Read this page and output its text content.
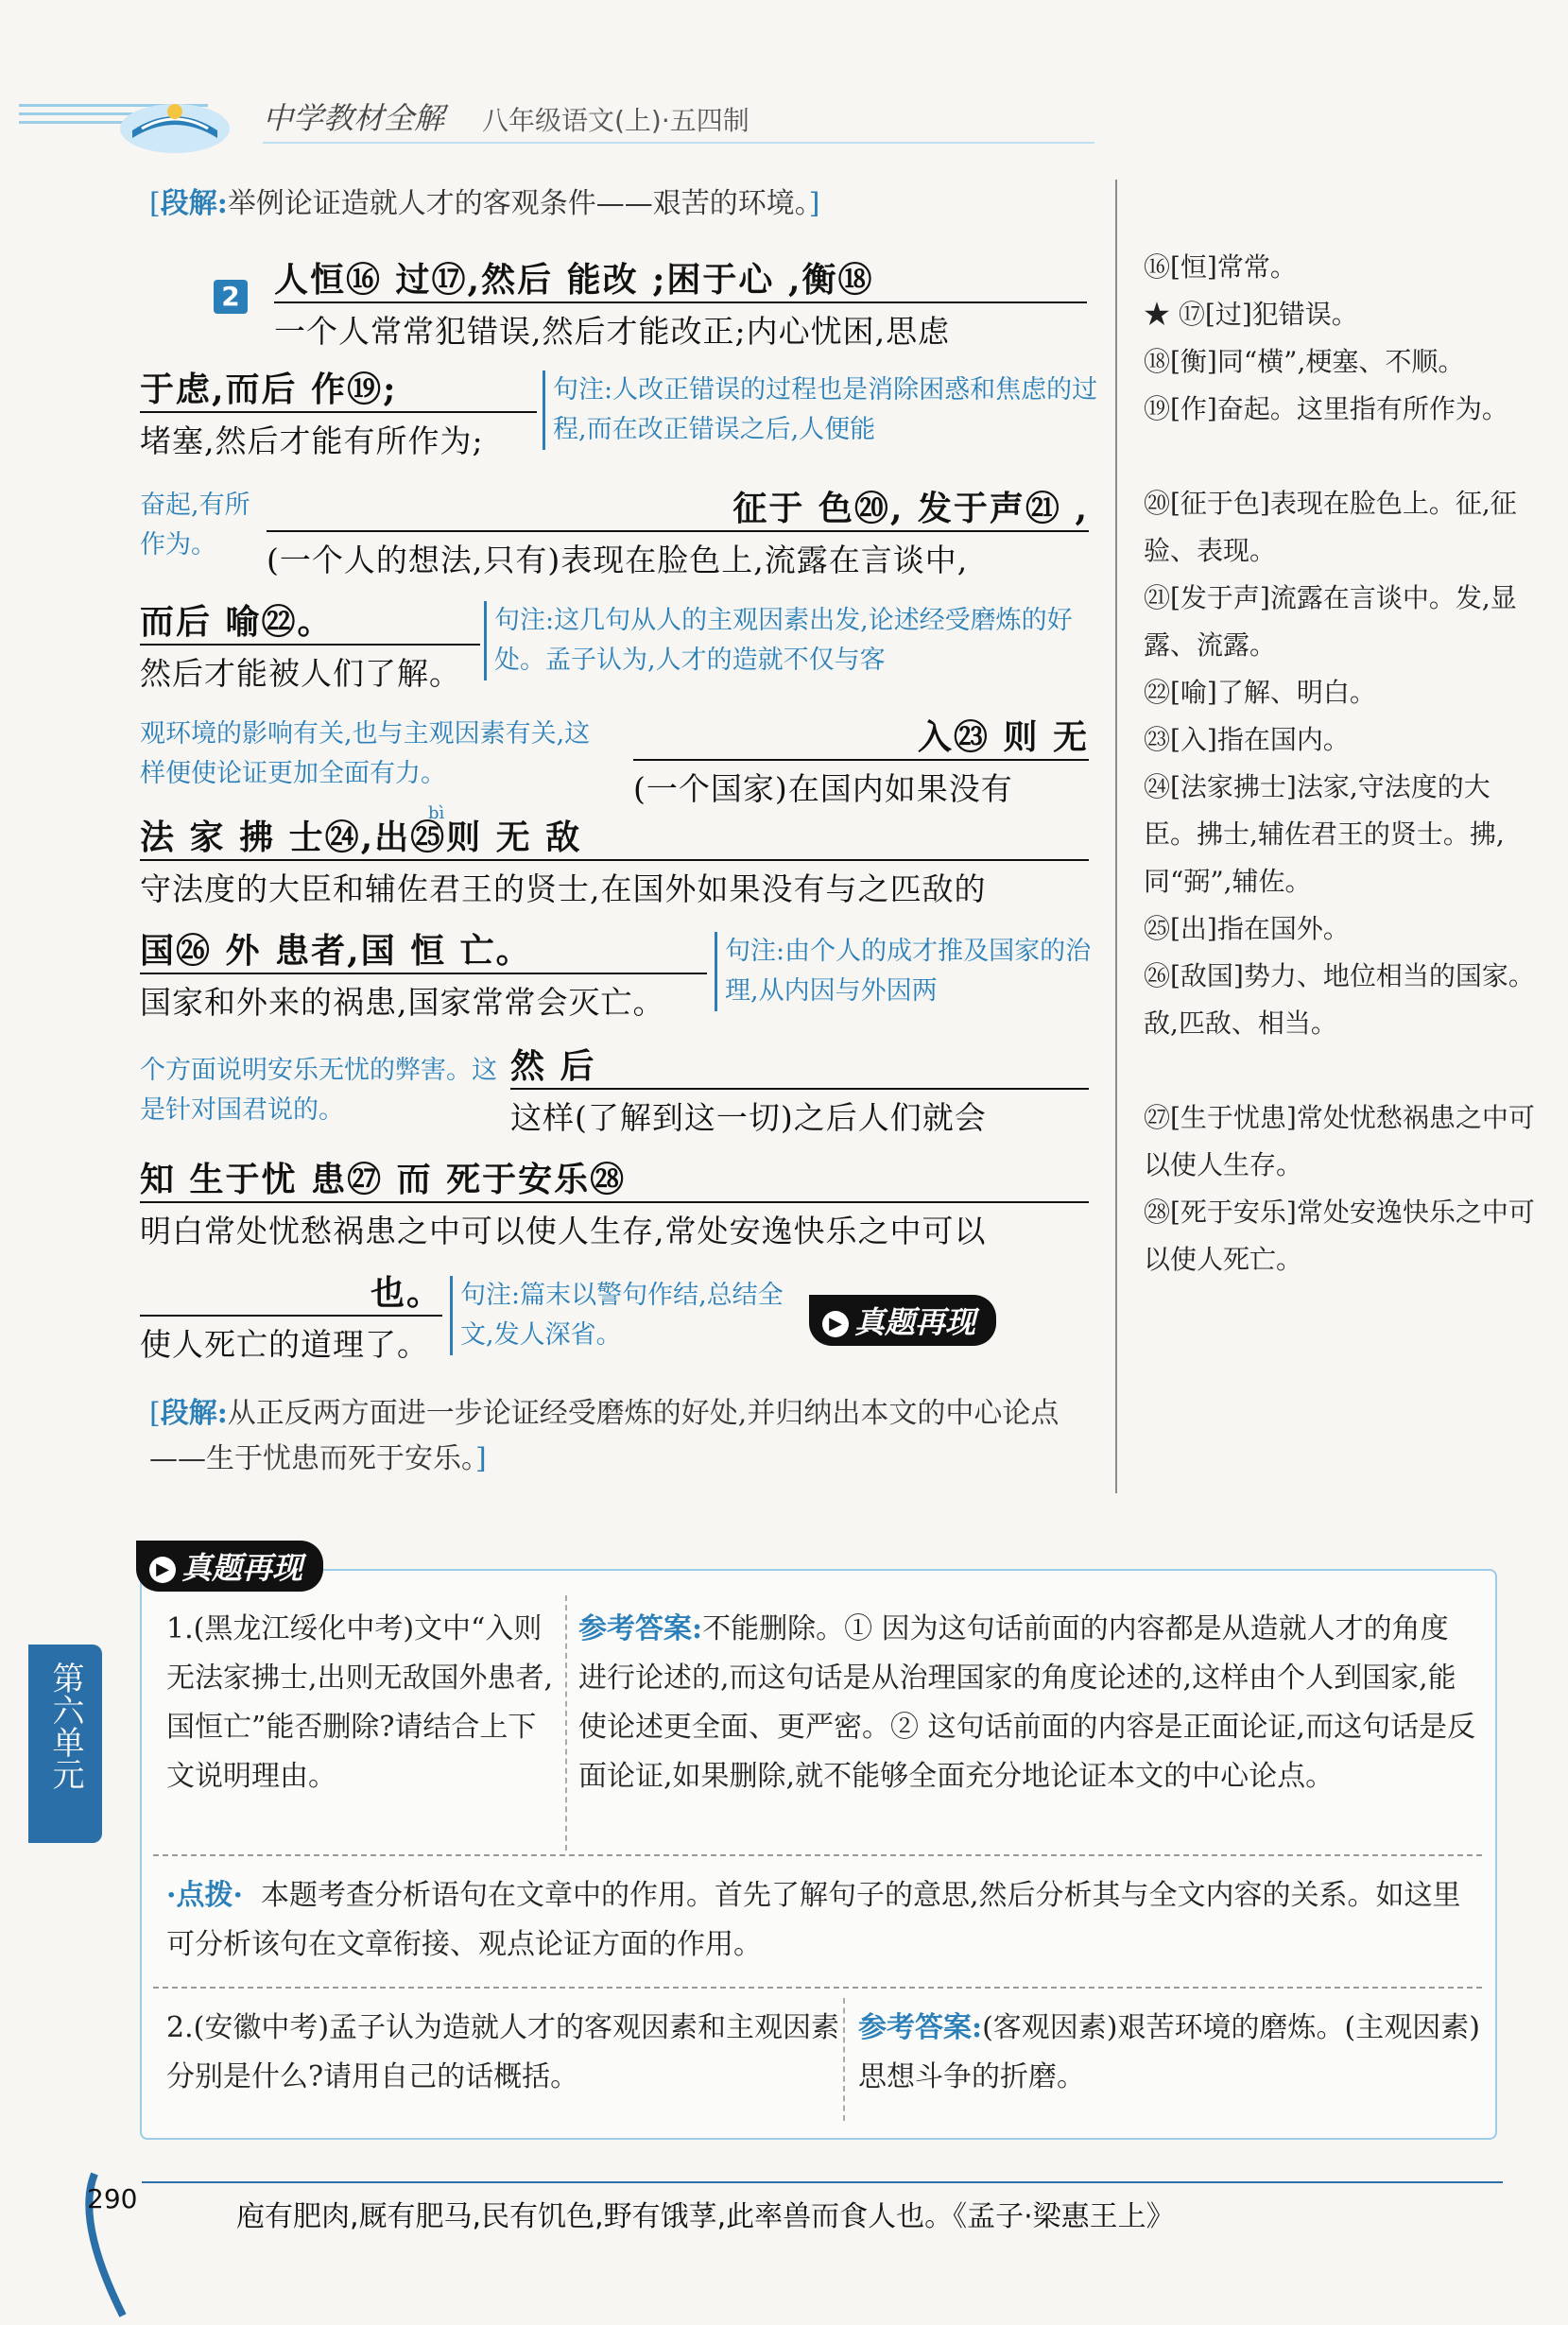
中学教材全解 八年级语文(上)·五四制
[段解:举例论证造就人才的客观条件——艰苦的环境。]
2 人恒⑯ 过⑰,然后 能改 ;困于心 ,衡⑱
一个人常常犯错误,然后才能改正;内心忧困,思虑
于虑,而后 作⑲;
堵塞,然后才能有所作为;
句注:人改正错误的过程也是消除困惑和焦虑的过程,而在改正错误之后,人便能
奋起,有所作为。
征于 色⑳, 发于声㉑ ,
(一个人的想法,只有)表现在脸色上,流露在言谈中,
而后 喻㉒。
然后才能被人们了解。
句注:这几句从人的主观因素出发,论述经受磨炼的好处。孟子认为,人才的造就不仅与客
观环境的影响有关,也与主观因素有关,这样便使论证更加全面有力。
入㉓ 则 无
(一个国家)在国内如果没有
bì
法 家 拂 士㉔,出㉕则 无 敌
守法度的大臣和辅佐君王的贤士,在国外如果没有与之匹敌的
国㉖ 外 患者,国 恒 亡。
国家和外来的祸患,国家常常会灭亡。
句注:由个人的成才推及国家的治理,从内因与外因两
个方面说明安乐无忧的弊害。这是针对国君说的。
然 后
这样(了解到这一切)之后人们就会
知 生于忧 患㉗ 而 死于安乐㉘
明白常处忧愁祸患之中可以使人生存,常处安逸快乐之中可以
也。
使人死亡的道理了。
句注:篇末以警句作结,总结全文,发人深省。	▶ 真题再现
[段解:从正反两方面进一步论证经受磨炼的好处,并归纳出本文的中心论点——生于忧患而死于安乐。]
⑯[恒]常常。
★ ⑰[过]犯错误。
⑱[衡]同“横”,梗塞、不顺。
⑲[作]奋起。这里指有所作为。
⑳[征于色]表现在脸色上。征,征验、表现。
㉑[发于声]流露在言谈中。发,显露、流露。
㉒[喻]了解、明白。
㉓[入]指在国内。
㉔[法家拂士]法家,守法度的大臣。拂士,辅佐君王的贤士。拂,同“弼”,辅佐。
㉕[出]指在国外。
㉖[敌国]势力、地位相当的国家。敌,匹敌、相当。
㉗[生于忧患]常处忧愁祸患之中可以使人生存。
㉘[死于安乐]常处安逸快乐之中可以使人死亡。
▶ 真题再现
1.(黑龙江绥化中考)文中“入则无法家拂士,出则无敌国外患者,国恒亡”能否删除?请结合上下文说明理由。
参考答案:不能删除。① 因为这句话前面的内容都是从造就人才的角度进行论述的,而这句话是从治理国家的角度论述的,这样由个人到国家,能使论述更全面、更严密。② 这句话前面的内容是正面论证,而这句话是反面论证,如果删除,就不能够全面充分地论证本文的中心论点。
·点拨· 本题考查分析语句在文章中的作用。首先了解句子的意思,然后分析其与全文内容的关系。如这里可分析该句在文章衔接、观点论证方面的作用。
2.(安徽中考)孟子认为造就人才的客观因素和主观因素分别是什么?请用自己的话概括。
参考答案:(客观因素)艰苦环境的磨炼。(主观因素)思想斗争的折磨。
第六单元
290
庖有肥肉,厩有肥马,民有饥色,野有饿莩,此率兽而食人也。《孟子·梁惠王上》
